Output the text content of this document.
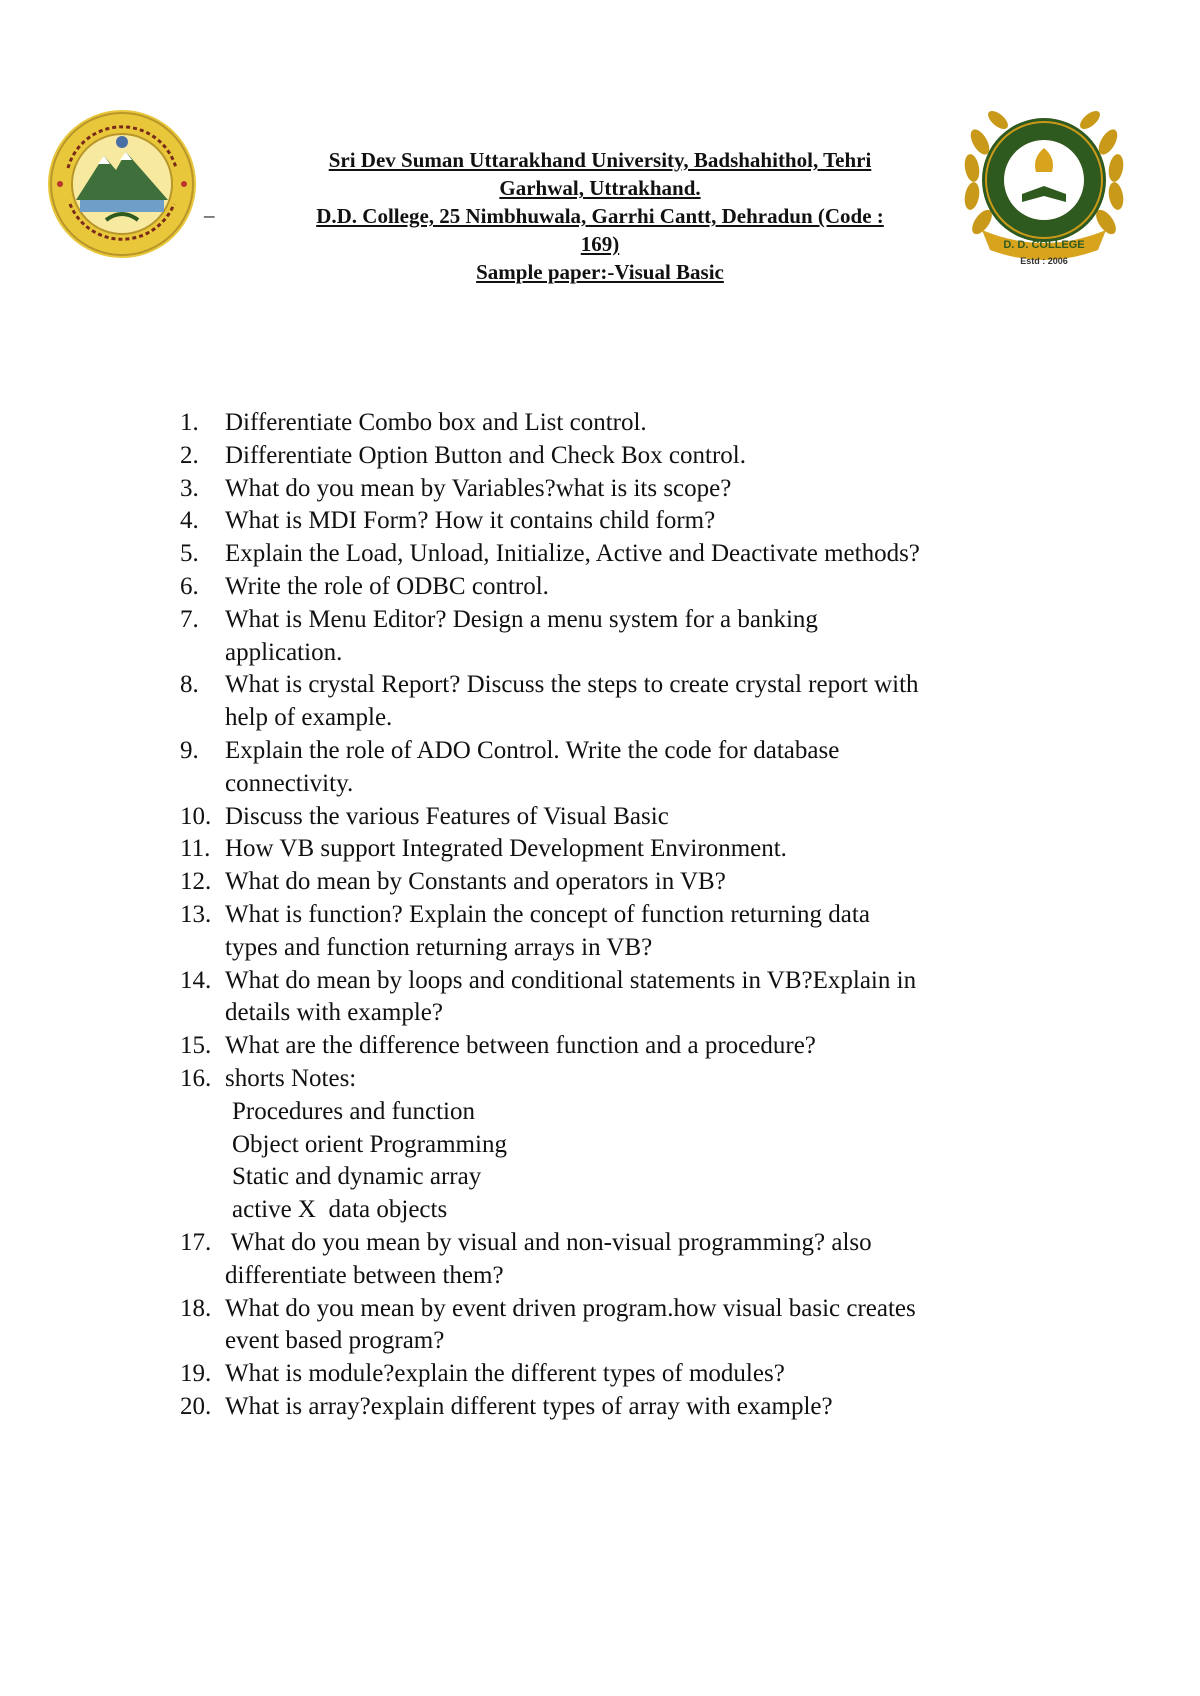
_
Sri Dev Suman Uttarakhand University, Badshahithol, Tehri
Garhwal, Uttrakhand.
D.D. College, 25 Nimbhuwala, Garrhi Cantt, Dehradun (Code :
169)
Sample paper:-Visual Basic
D. D. COLLEGE
Estd : 2006
1. Differentiate Combo box and List control.
2. Differentiate Option Button and Check Box control.
3. What do you mean by Variables?what is its scope?
4. What is MDI Form? How it contains child form?
5. Explain the Load, Unload, Initialize, Active and Deactivate methods?
6. Write the role of ODBC control.
7. What is Menu Editor? Design a menu system for a banking
application.
8. What is crystal Report? Discuss the steps to create crystal report with
help of example.
9. Explain the role of ADO Control. Write the code for database
connectivity.
10. Discuss the various Features of Visual Basic
11. How VB support Integrated Development Environment.
12. What do mean by Constants and operators in VB?
13. What is function? Explain the concept of function returning data
types and function returning arrays in VB?
14. What do mean by loops and conditional statements in VB?Explain in
details with example?
15. What are the difference between function and a procedure?
16. shorts Notes:
Procedures and function
Object orient Programming
Static and dynamic array
active X  data objects
17. What do you mean by visual and non-visual programming? also
differentiate between them?
18. What do you mean by event driven program.how visual basic creates
event based program?
19. What is module?explain the different types of modules?
20. What is array?explain different types of array with example?
